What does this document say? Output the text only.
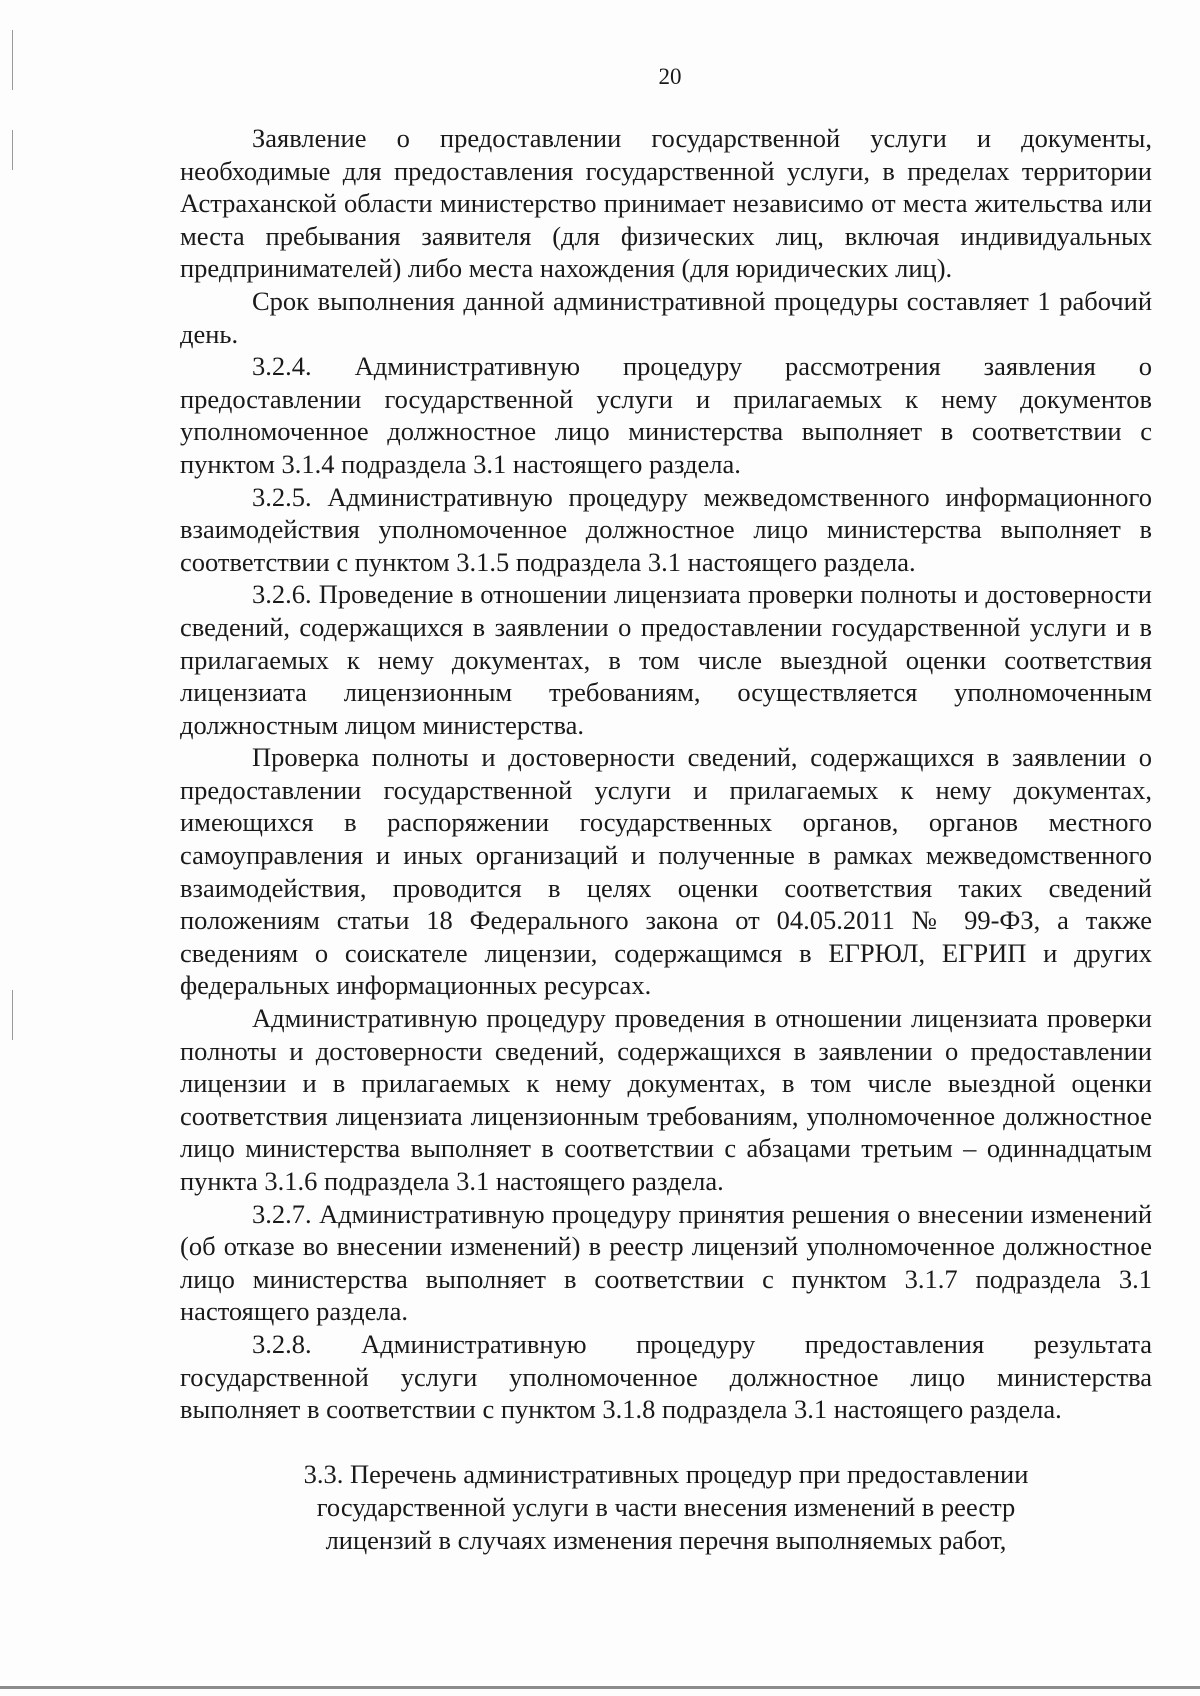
20

Заявление о предоставлении государственной услуги и документы, необходимые для предоставления государственной услуги, в пределах территории Астраханской области министерство принимает независимо от места жительства или места пребывания заявителя (для физических лиц, включая индивидуальных предпринимателей) либо места нахождения (для юридических лиц).

Срок выполнения данной административной процедуры составляет 1 рабочий день.

3.2.4. Административную процедуру рассмотрения заявления о предоставлении государственной услуги и прилагаемых к нему документов уполномоченное должностное лицо министерства выполняет в соответствии с пунктом 3.1.4 подраздела 3.1 настоящего раздела.

3.2.5. Административную процедуру межведомственного информационного взаимодействия уполномоченное должностное лицо министерства выполняет в соответствии с пунктом 3.1.5 подраздела 3.1 настоящего раздела.

3.2.6. Проведение в отношении лицензиата проверки полноты и достоверности сведений, содержащихся в заявлении о предоставлении государственной услуги и в прилагаемых к нему документах, в том числе выездной оценки соответствия лицензиата лицензионным требованиям, осуществляется уполномоченным должностным лицом министерства.

Проверка полноты и достоверности сведений, содержащихся в заявлении о предоставлении государственной услуги и прилагаемых к нему документах, имеющихся в распоряжении государственных органов, органов местного самоуправления и иных организаций и полученные в рамках межведомственного взаимодействия, проводится в целях оценки соответствия таких сведений положениям статьи 18 Федерального закона от 04.05.2011 № 99-ФЗ, а также сведениям о соискателе лицензии, содержащимся в ЕГРЮЛ, ЕГРИП и других федеральных информационных ресурсах.

Административную процедуру проведения в отношении лицензиата проверки полноты и достоверности сведений, содержащихся в заявлении о предоставлении лицензии и в прилагаемых к нему документах, в том числе выездной оценки соответствия лицензиата лицензионным требованиям, уполномоченное должностное лицо министерства выполняет в соответствии с абзацами третьим – одиннадцатым пункта 3.1.6 подраздела 3.1 настоящего раздела.

3.2.7. Административную процедуру принятия решения о внесении изменений (об отказе во внесении изменений) в реестр лицензий уполномоченное должностное лицо министерства выполняет в соответствии с пунктом 3.1.7 подраздела 3.1 настоящего раздела.

3.2.8. Административную процедуру предоставления результата государственной услуги уполномоченное должностное лицо министерства выполняет в соответствии с пунктом 3.1.8 подраздела 3.1 настоящего раздела.

3.3. Перечень административных процедур при предоставлении
государственной услуги в части внесения изменений в реестр
лицензий в случаях изменения перечня выполняемых работ,
